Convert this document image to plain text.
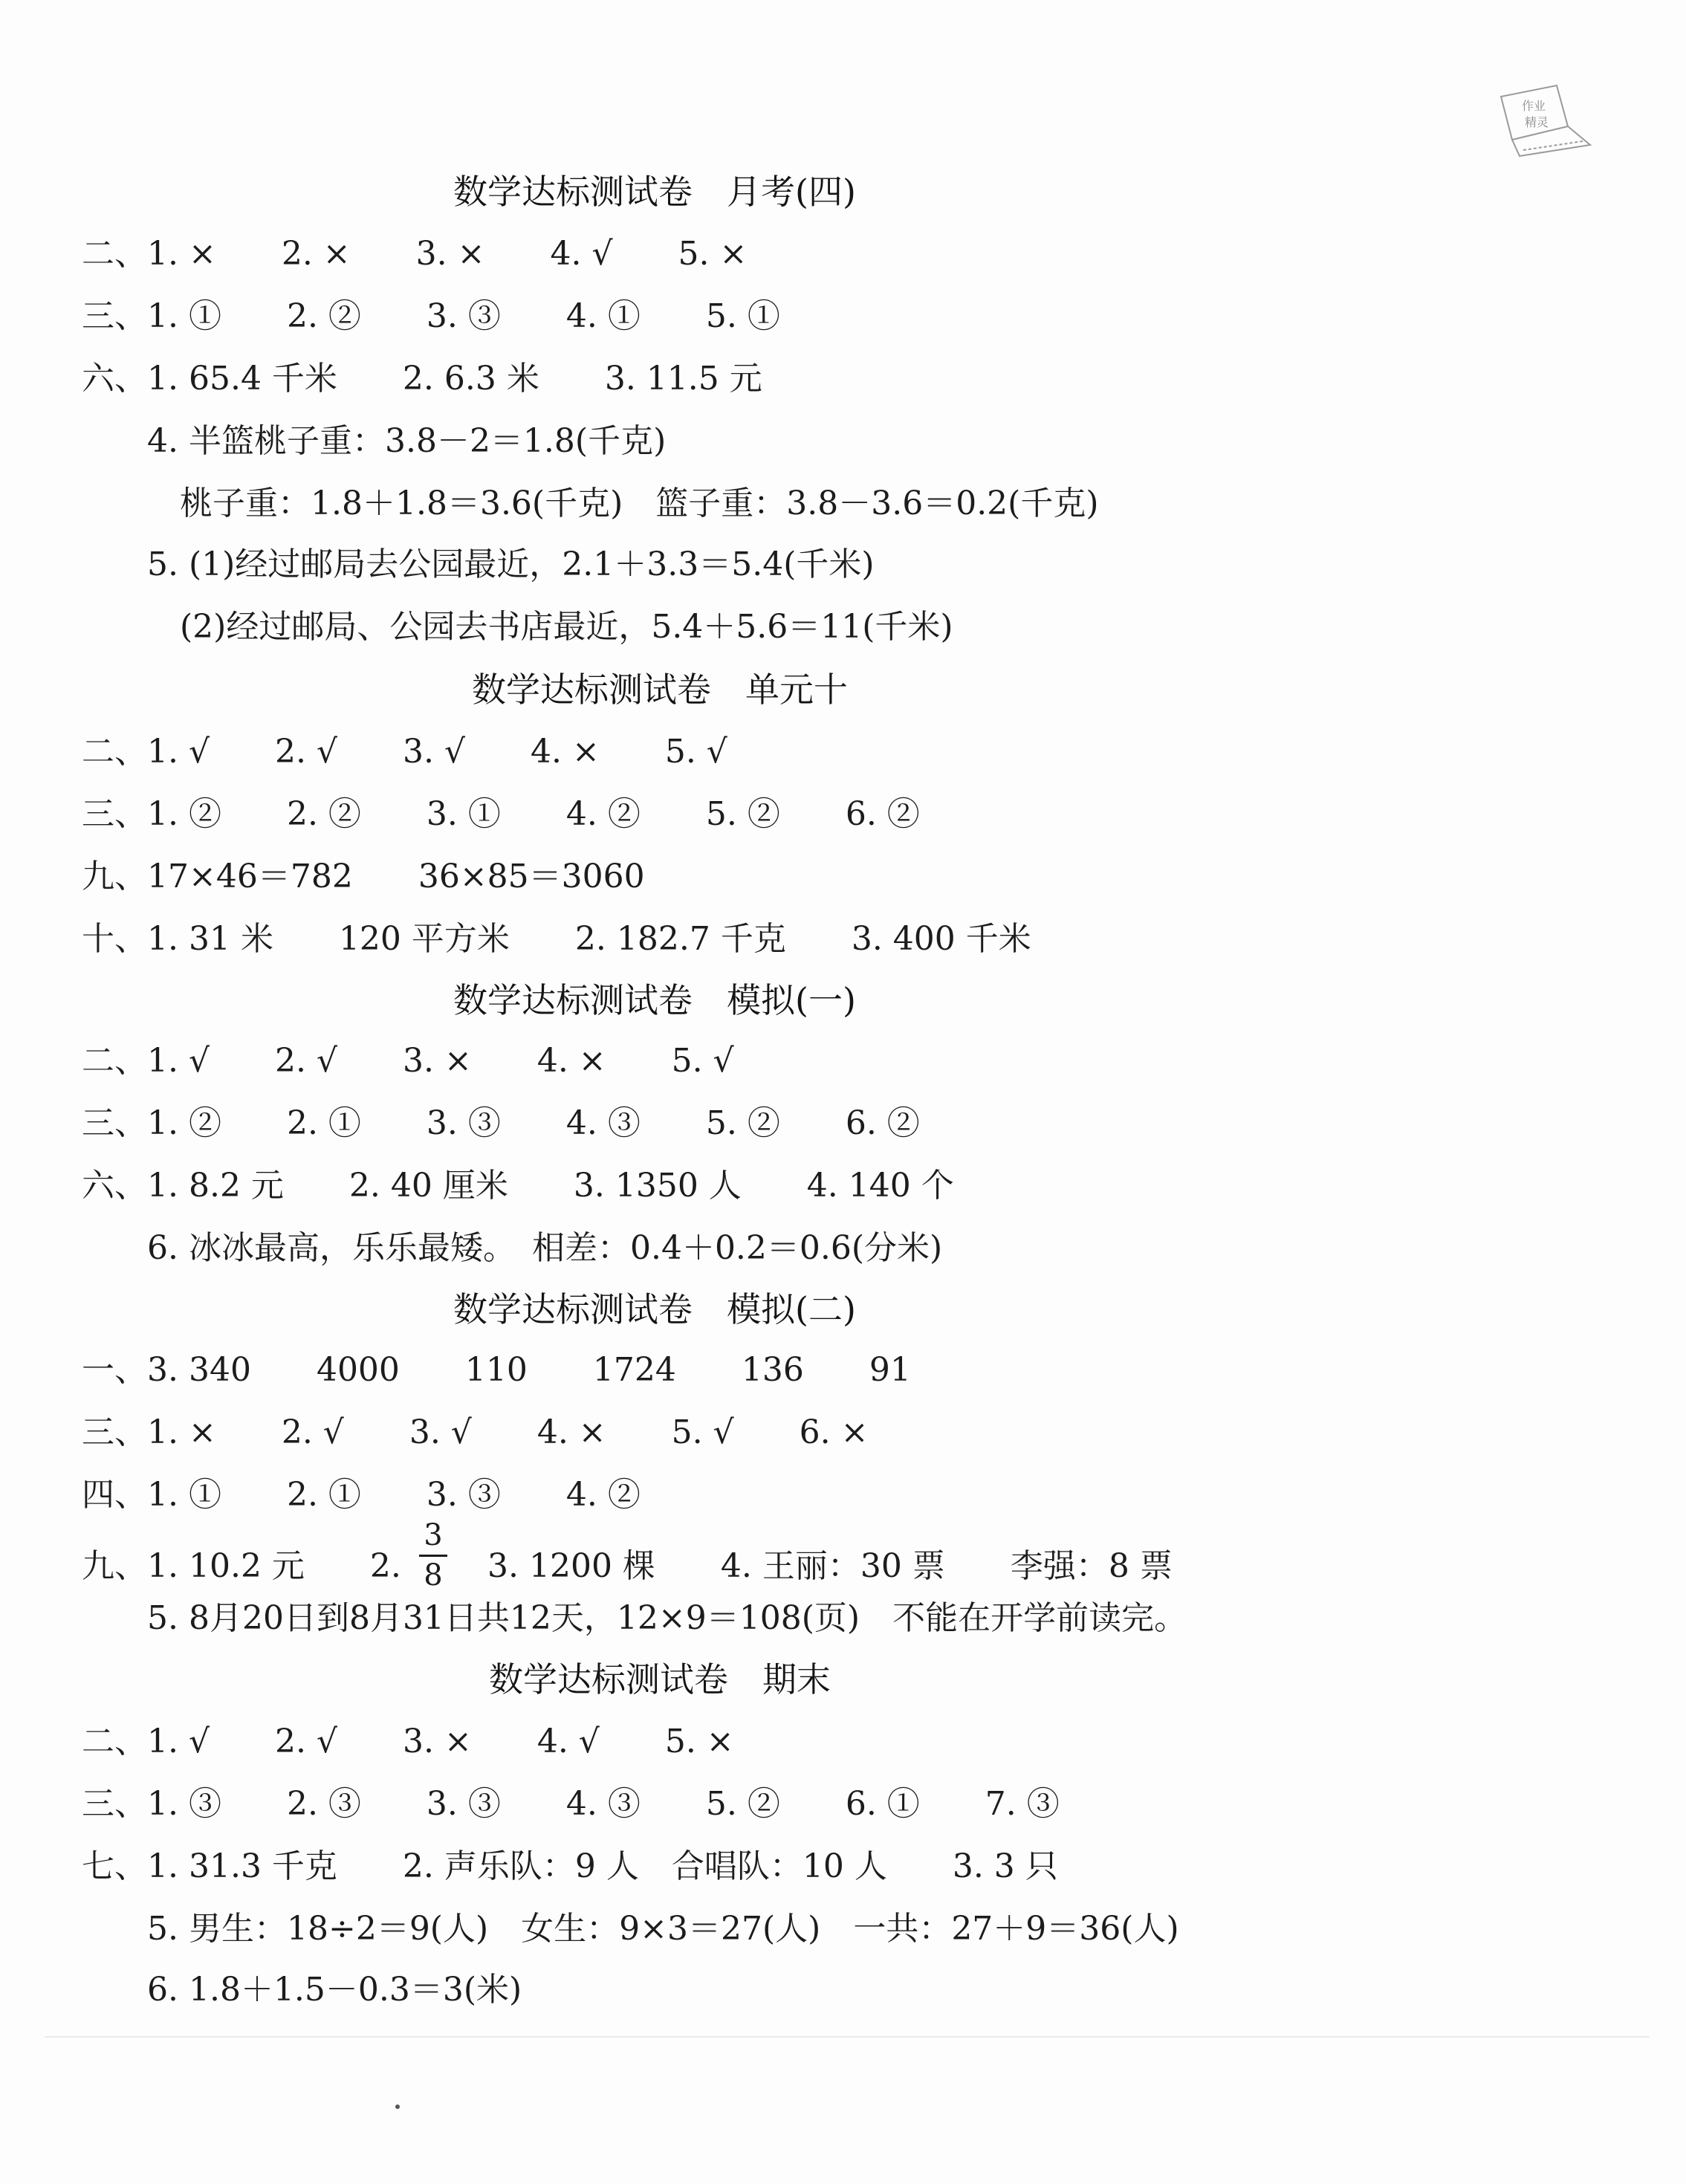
作业
精灵
数学达标测试卷　月考(四)
二、1. ×　　2. ×　　3. ×　　4. √　　5. ×
三、1. ①　　2. ②　　3. ③　　4. ①　　5. ①
六、1. 65.4 千米　　2. 6.3 米　　3. 11.5 元
　　4. 半篮桃子重：3.8－2＝1.8(千克)
　　　桃子重：1.8＋1.8＝3.6(千克)　篮子重：3.8－3.6＝0.2(千克)
　　5. (1)经过邮局去公园最近，2.1＋3.3＝5.4(千米)
　　　(2)经过邮局、公园去书店最近，5.4＋5.6＝11(千米)
数学达标测试卷　单元十
二、1. √　　2. √　　3. √　　4. ×　　5. √
三、1. ②　　2. ②　　3. ①　　4. ②　　5. ②　　6. ②
九、17×46＝782　　36×85＝3060
十、1. 31 米　　120 平方米　　2. 182.7 千克　　3. 400 千米
数学达标测试卷　模拟(一)
二、1. √　　2. √　　3. ×　　4. ×　　5. √
三、1. ②　　2. ①　　3. ③　　4. ③　　5. ②　　6. ②
六、1. 8.2 元　　2. 40 厘米　　3. 1350 人　　4. 140 个
　　6. 冰冰最高，乐乐最矮。　相差：0.4＋0.2＝0.6(分米)
数学达标测试卷　模拟(二)
一、3. 340　　4000　　110　　1724　　136　　91
三、1. ×　　2. √　　3. √　　4. ×　　5. √　　6. ×
四、1. ①　　2. ①　　3. ③　　4. ②
九、1. 10.2 元　　2.
3
8 　3. 1200 棵　　4. 王丽：30 票　　李强：8 票
　　5. 8月20日到8月31日共12天，12×9＝108(页)　不能在开学前读完。
数学达标测试卷　期末
二、1. √　　2. √　　3. ×　　4. √　　5. ×
三、1. ③　　2. ③　　3. ③　　4. ③　　5. ②　　6. ①　　7. ③
七、1. 31.3 千克　　2. 声乐队：9 人　合唱队：10 人　　3. 3 只
　　5. 男生：18÷2＝9(人)　女生：9×3＝27(人)　一共：27＋9＝36(人)
　　6. 1.8＋1.5－0.3＝3(米)
